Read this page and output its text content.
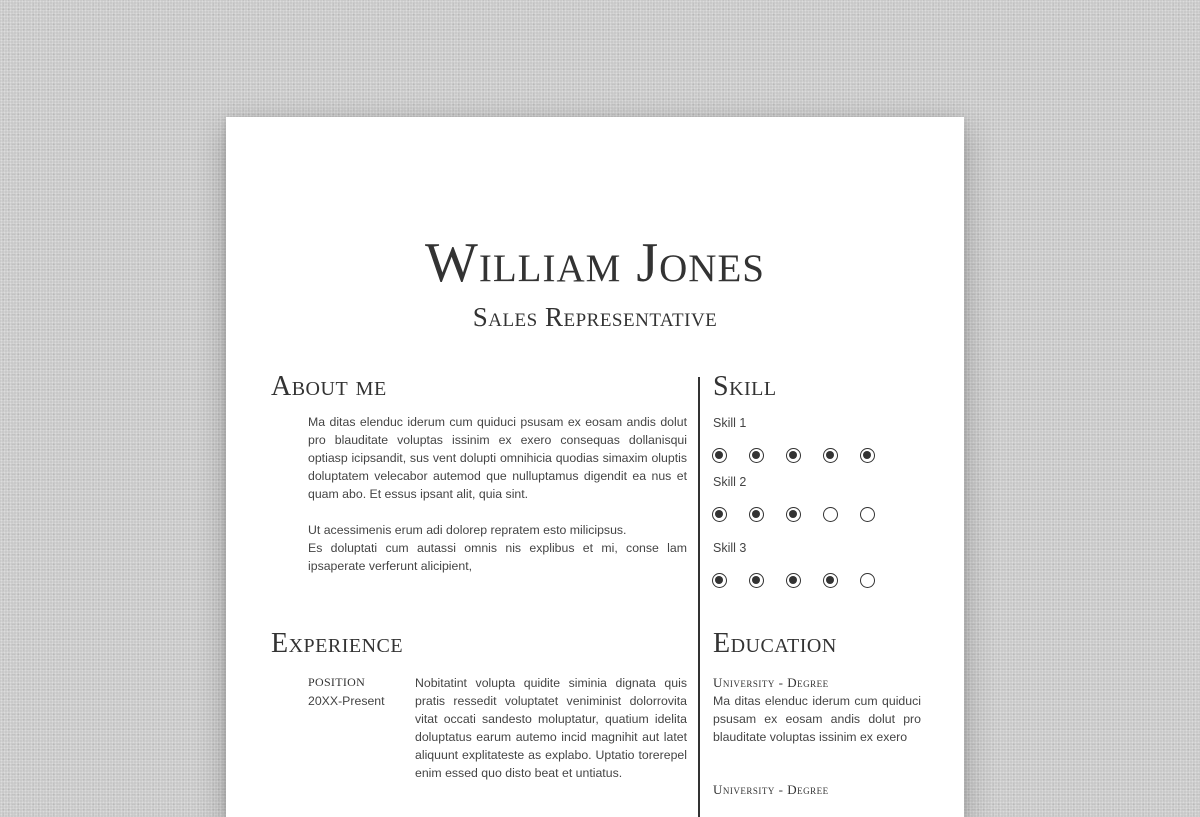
William Jones
Sales Representative
About me

Ma ditas elenduc iderum cum quiduci psusam ex eosam andis dolut pro blauditate voluptas issinim ex exero consequas dollanisqui optiasp icipsandit, sus vent dolupti omnihicia quodias simaxim oluptis doluptatem velecabor autemod que nulluptamus digendit ea nus et quam abo. Et essus ipsant alit, quia sint.

Ut acessimenis erum adi dolorep repratem esto milicipsus.
Es doluptati cum autassi omnis nis explibus et mi, conse lam ipsaperate verferunt alicipient,

Experience
POSITION
20XX-Present
Nobitatint volupta quidite siminia dignata quis pratis ressedit voluptatet veniminist dolorrovita vitat occati sandesto moluptatur, quatium idelita doluptatus earum autemo incid magnihit aut latet aliquunt explitateste as explabo. Uptatio torerepel enim essed quo disto beat et untiatus.
Skill
Skill 1
Skill 2
Skill 3
Education
University - Degree
Ma ditas elenduc iderum cum quiduci psusam ex eosam andis dolut pro blauditate voluptas issinim ex exero
University - Degree
